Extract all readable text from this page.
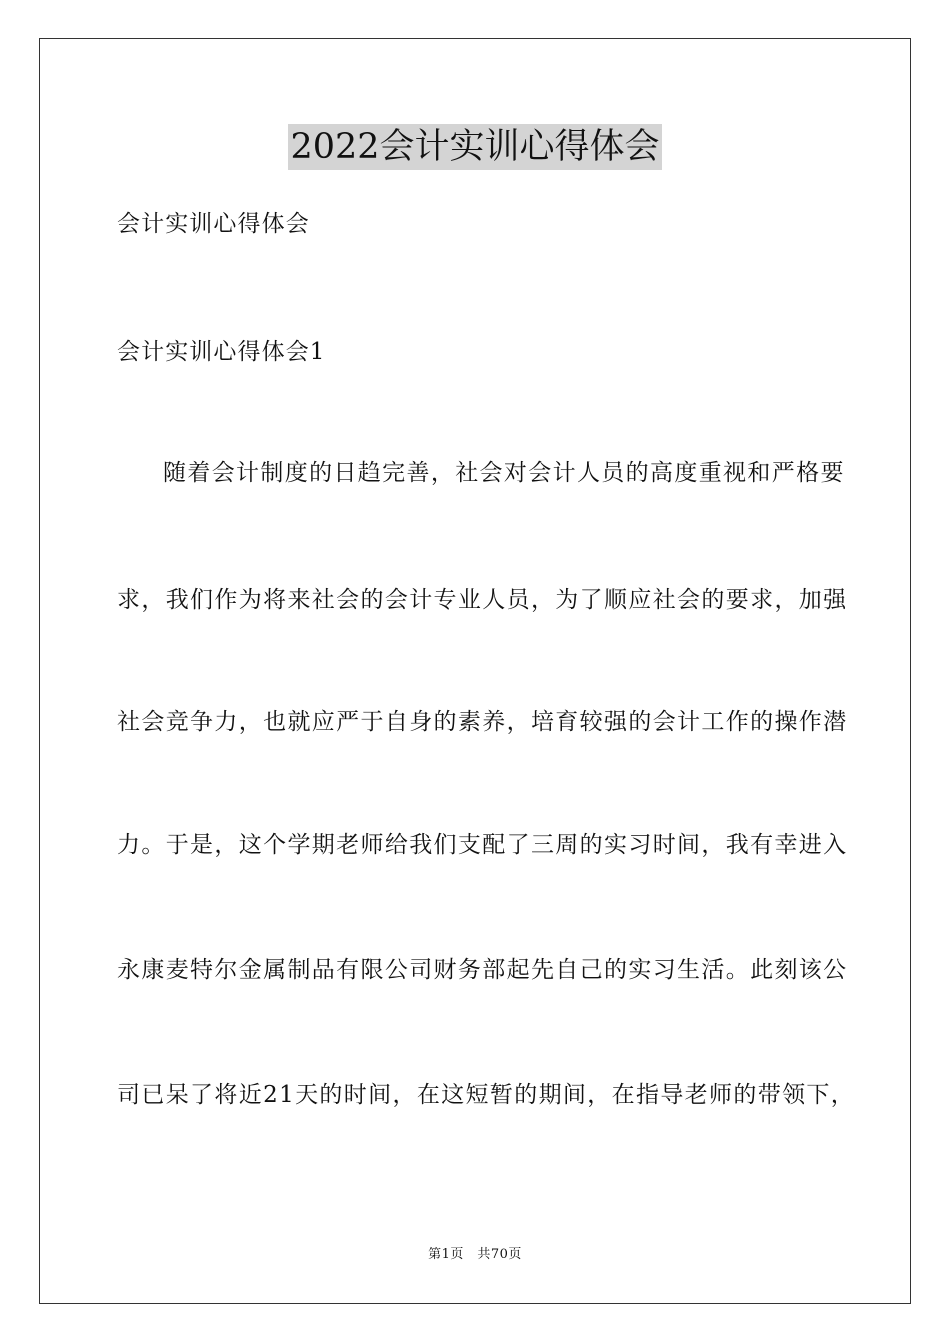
2022会计实训心得体会
会计实训心得体会
会计实训心得体会1
随着会计制度的日趋完善，社会对会计人员的高度重视和严格要
求，我们作为将来社会的会计专业人员，为了顺应社会的要求，加强
社会竞争力，也就应严于自身的素养，培育较强的会计工作的操作潜
力。于是，这个学期老师给我们支配了三周的实习时间，我有幸进入
永康麦特尔金属制品有限公司财务部起先自己的实习生活。此刻该公
司已呆了将近21天的时间，在这短暂的期间，在指导老师的带领下，
第1页　共70页
